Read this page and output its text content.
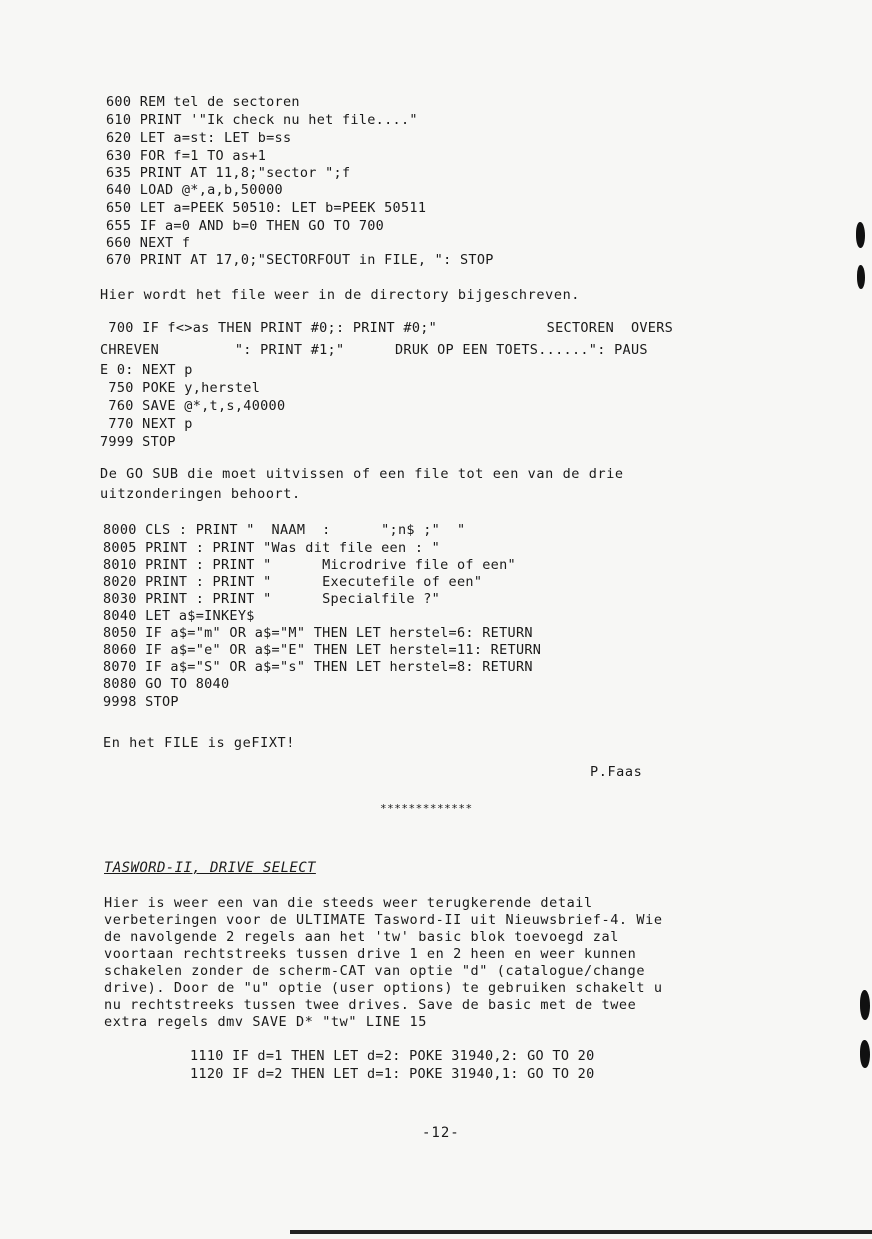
600 REM tel de sectoren
610 PRINT '"Ik check nu het file...."
620 LET a=st: LET b=ss
630 FOR f=1 TO as+1
635 PRINT AT 11,8;"sector ";f
640 LOAD @*,a,b,50000
650 LET a=PEEK 50510: LET b=PEEK 50511
655 IF a=0 AND b=0 THEN GO TO 700
660 NEXT f
670 PRINT AT 17,0;"SECTORFOUT in FILE, ": STOP
Hier wordt het file weer in de directory bijgeschreven.
700 IF f<>as THEN PRINT #0;: PRINT #0;"             SECTOREN  OVERS
CHREVEN         ": PRINT #1;"      DRUK OP EEN TOETS......": PAUS
E 0: NEXT p
750 POKE y,herstel
760 SAVE @*,t,s,40000
770 NEXT p
7999 STOP
De GO SUB die moet uitvissen of een file tot een van de drie
uitzonderingen behoort.
8000 CLS : PRINT "  NAAM  :      ";n$ ;"  "
8005 PRINT : PRINT "Was dit file een : "
8010 PRINT : PRINT "      Microdrive file of een"
8020 PRINT : PRINT "      Executefile of een"
8030 PRINT : PRINT "      Specialfile ?"
8040 LET a$=INKEY$
8050 IF a$="m" OR a$="M" THEN LET herstel=6: RETURN
8060 IF a$="e" OR a$="E" THEN LET herstel=11: RETURN
8070 IF a$="S" OR a$="s" THEN LET herstel=8: RETURN
8080 GO TO 8040
9998 STOP
En het FILE is geFIXT!
P.Faas
*************
TASWORD-II, DRIVE SELECT
Hier is weer een van die steeds weer terugkerende detail
verbeteringen voor de ULTIMATE Tasword-II uit Nieuwsbrief-4. Wie
de navolgende 2 regels aan het 'tw' basic blok toevoegd zal
voortaan rechtstreeks tussen drive 1 en 2 heen en weer kunnen
schakelen zonder de scherm-CAT van optie "d" (catalogue/change
drive). Door de "u" optie (user options) te gebruiken schakelt u
nu rechtstreeks tussen twee drives. Save de basic met de twee
extra regels dmv SAVE D* "tw" LINE 15
1110 IF d=1 THEN LET d=2: POKE 31940,2: GO TO 20
1120 IF d=2 THEN LET d=1: POKE 31940,1: GO TO 20
-12-
